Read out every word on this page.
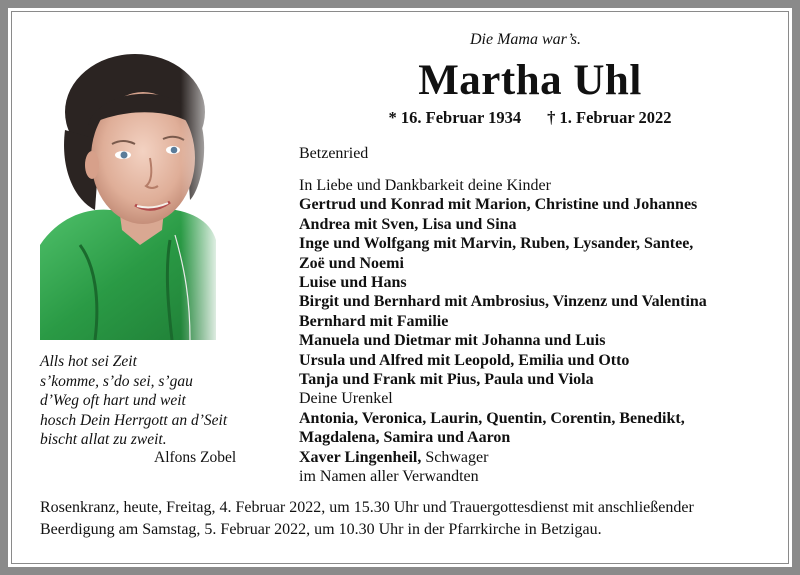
Die Mama war’s.
Martha Uhl
* 16. Februar 1934 † 1. Februar 2022
Betzenried
In Liebe und Dankbarkeit deine Kinder
Gertrud und Konrad mit Marion, Christine und Johannes
Andrea mit Sven, Lisa und Sina
Inge und Wolfgang mit Marvin, Ruben, Lysander, Santee,
Zoë und Noemi
Luise und Hans
Birgit und Bernhard mit Ambrosius, Vinzenz und Valentina
Bernhard mit Familie
Manuela und Dietmar mit Johanna und Luis
Ursula und Alfred mit Leopold, Emilia und Otto
Tanja und Frank mit Pius, Paula und Viola
Deine Urenkel
Antonia, Veronica, Laurin, Quentin, Corentin, Benedikt,
Magdalena, Samira und Aaron
Xaver Lingenheil, Schwager
im Namen aller Verwandten
Alls hot sei Zeit
s’komme, s’do sei, s’gau
d’Weg oft hart und weit
hosch Dein Herrgott an d’Seit
bischt allat zu zweit.
Alfons Zobel
Rosenkranz, heute, Freitag, 4. Februar 2022, um 15.30 Uhr und Trauergottesdienst mit anschließender
Beerdigung am Samstag, 5. Februar 2022, um 10.30 Uhr in der Pfarrkirche in Betzigau.
